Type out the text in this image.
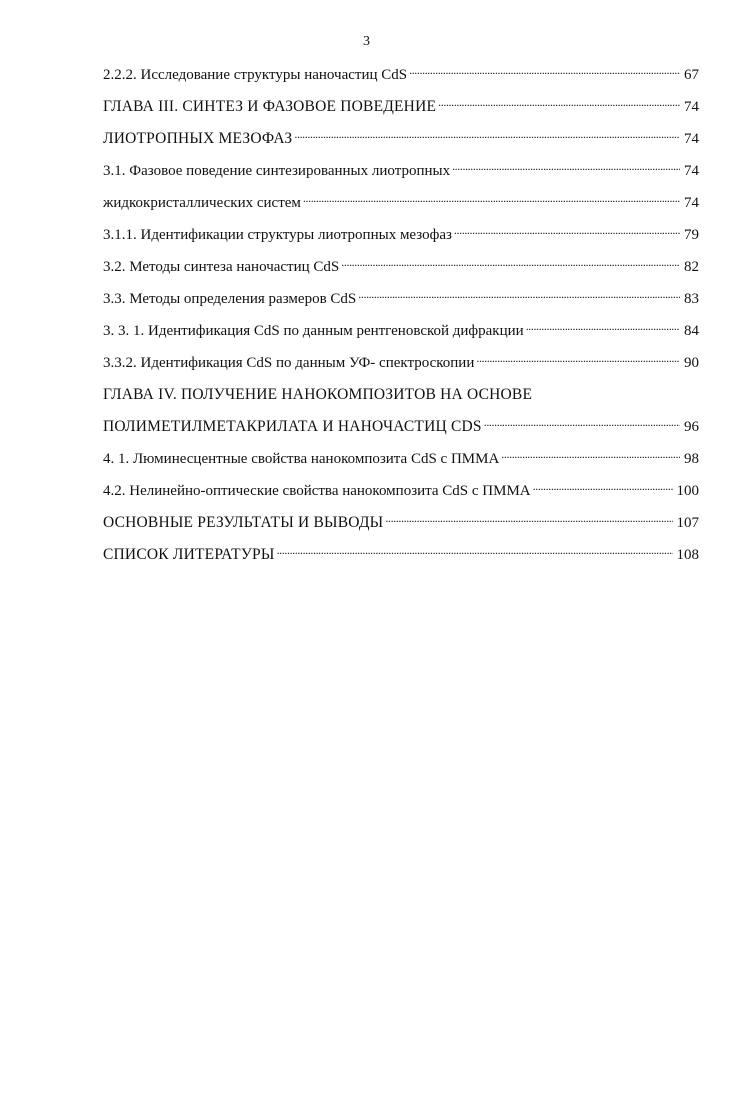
3
2.2.2. Исследование структуры наночастиц CdS . . .	67
ГЛАВА III. СИНТЕЗ И ФАЗОВОЕ ПОВЕДЕНИЕ . . .	74
ЛИОТРОПНЫХ МЕЗОФАЗ . . .	74
3.1. Фазовое поведение синтезированных лиотропных . . .	74
жидкокристаллических систем . . .	74
3.1.1. Идентификации структуры лиотропных мезофаз . . .	79
3.2. Методы синтеза наночастиц CdS . . .	82
3.3. Методы определения размеров CdS . . .	83
3. 3. 1. Идентификация CdS по данным рентгеновской дифракции . . .	84
3.3.2. Идентификация CdS по данным УФ- спектроскопии . . .	90
ГЛАВА IV. ПОЛУЧЕНИЕ НАНОКОМПОЗИТОВ НА ОСНОВЕ
ПОЛИМЕТИЛМЕТАКРИЛАТА И НАНОЧАСТИЦ CDS . . .	96
4. 1. Люминесцентные свойства нанокомпозита CdS с ПММА . . .	98
4.2. Нелинейно-оптические свойства нанокомпозита CdS с ПММА . . .	100
ОСНОВНЫЕ РЕЗУЛЬТАТЫ И ВЫВОДЫ . . .	107
СПИСОК ЛИТЕРАТУРЫ . . .	108
